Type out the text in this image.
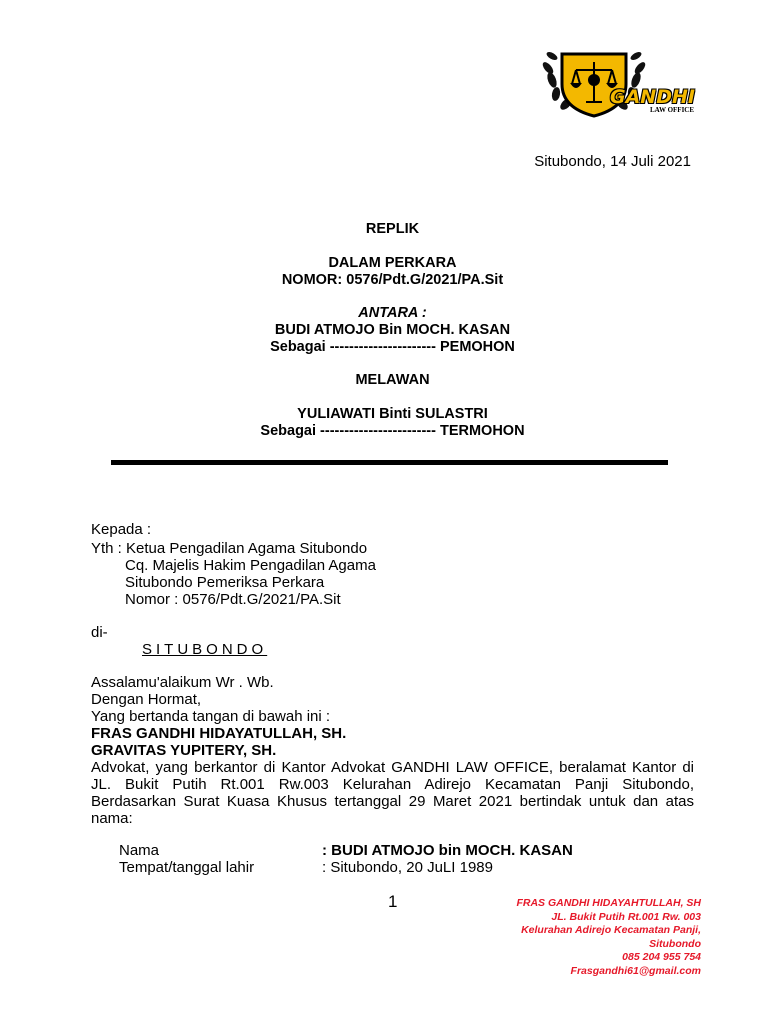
GANDHI
LAW OFFICE
Situbondo, 14 Juli 2021
REPLIK
DALAM PERKARA
NOMOR: 0576/Pdt.G/2021/PA.Sit
ANTARA :
BUDI ATMOJO Bin MOCH. KASAN
Sebagai ---------------------- PEMOHON
MELAWAN
YULIAWATI Binti SULASTRI
Sebagai ------------------------ TERMOHON
Kepada :
Yth : Ketua Pengadilan Agama Situbondo
Cq. Majelis Hakim Pengadilan Agama
Situbondo Pemeriksa Perkara
Nomor : 0576/Pdt.G/2021/PA.Sit
di-
SITUBONDO
Assalamu'alaikum Wr . Wb.
Dengan Hormat,
Yang bertanda tangan di bawah ini :
FRAS GANDHI HIDAYATULLAH, SH.
GRAVITAS YUPITERY, SH.
Advokat, yang berkantor di Kantor Advokat GANDHI LAW OFFICE, beralamat Kantor di JL. Bukit Putih Rt.001 Rw.003 Kelurahan Adirejo Kecamatan Panji Situbondo, Berdasarkan Surat Kuasa Khusus tertanggal 29 Maret 2021 bertindak untuk dan atas nama:
Nama	: BUDI ATMOJO bin MOCH. KASAN
Tempat/tanggal lahir	: Situbondo, 20 JuLI 1989
1	FRAS GANDHI HIDAYAHTULLAH, SH
JL. Bukit Putih Rt.001 Rw. 003
Kelurahan Adirejo Kecamatan Panji,
Situbondo
085 204 955 754
Frasgandhi61@gmail.com
